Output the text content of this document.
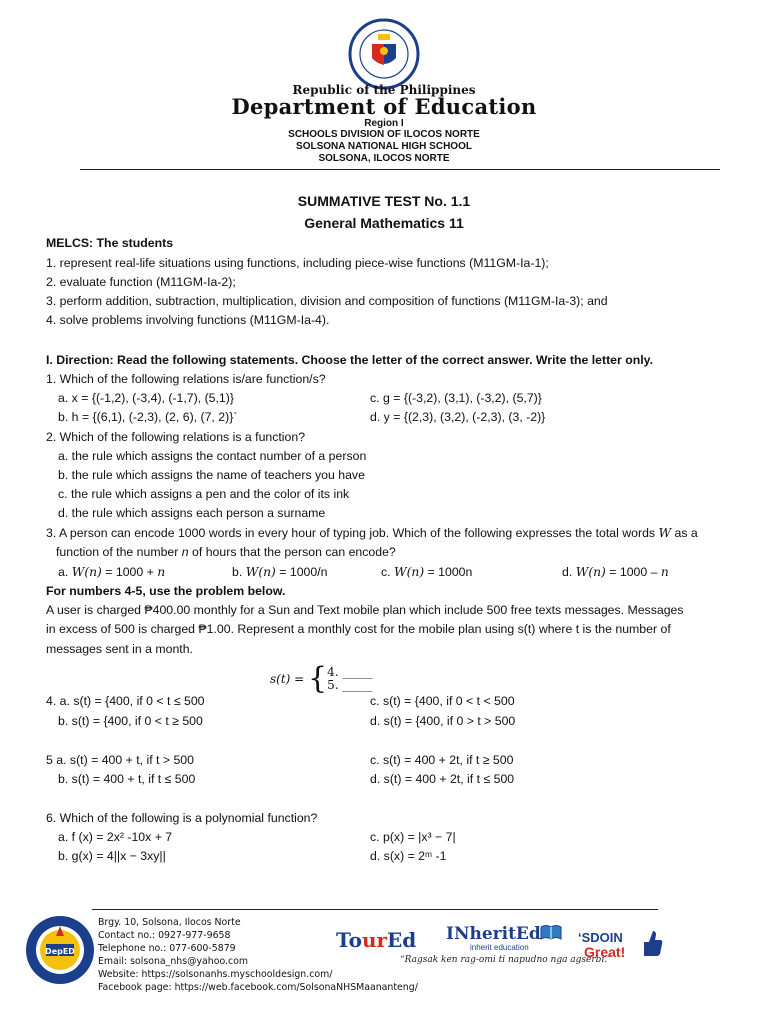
Republic of the Philippines
Department of Education
Region I
SCHOOLS DIVISION OF ILOCOS NORTE
SOLSONA NATIONAL HIGH SCHOOL
SOLSONA, ILOCOS NORTE
SUMMATIVE TEST No. 1.1
General Mathematics 11
MELCS: The students
1. represent real-life situations using functions, including piece-wise functions (M11GM-Ia-1);
2. evaluate function (M11GM-Ia-2);
3. perform addition, subtraction, multiplication, division and composition of functions (M11GM-Ia-3); and
4. solve problems involving functions (M11GM-Ia-4).
I. Direction: Read the following statements. Choose the letter of the correct answer. Write the letter only.
1. Which of the following relations is/are function/s?
a. x = {(-1,2), (-3,4), (-1,7), (5,1)}
b. h = {(6,1), (-2,3), (2, 6), (7, 2)}`
c. g = {(-3,2), (3,1), (-3,2), (5,7)}
d. y = {(2,3), (3,2), (-2,3), (3, -2)}
2. Which of the following relations is a function?
a. the rule which assigns the contact number of a person
b. the rule which assigns the name of teachers you have
c. the rule which assigns a pen and the color of its ink
d. the rule which assigns each person a surname
3. A person can encode 1000 words in every hour of typing job. Which of the following expresses the total words W as a
function of the number n of hours that the person can encode?
a. W(n) = 1000 + n	b. W(n) = 1000/n	c. W(n) = 1000n	d. W(n) = 1000 – n
For numbers 4-5, use the problem below.
A user is charged ₱400.00 monthly for a Sun and Text mobile plan which include 500 free texts messages. Messages
in excess of 500 is charged ₱1.00. Represent a monthly cost for the mobile plan using s(t) where t is the number of
messages sent in a month.
s(t) = { 4. _____
5. _____
4. a. s(t) = {400, if 0 < t ≤ 500
b. s(t) = {400, if 0 < t ≥ 500
c. s(t) = {400, if 0 < t < 500
d. s(t) = {400, if 0 > t > 500
5 a. s(t) = 400 + t, if t > 500
b. s(t) = 400 + t, if t ≤ 500
c. s(t) = 400 + 2t, if t ≥ 500
d. s(t) = 400 + 2t, if t ≤ 500
6. Which of the following is a polynomial function?
a. f (x) = 2x² -10x + 7
b. g(x) = 4||x − 3xy||
c. p(x) = |x³ − 7|
d. s(x) = 2ᵐ -1
DepED
Brgy. 10, Solsona, Ilocos Norte
Contact no.: 0927-977-9658
Telephone no.: 077-600-5879
Email: solsona_nhs@yahoo.com
Website: https://solsonanhs.myschooldesign.com/
Facebook page: https://web.facebook.com/SolsonaNHSMaananteng/
TourEd INheritEd
inherit education
“Ragsak ken rag-omi ti napudno nga agserbi.”
‘SDOIN
Great!
